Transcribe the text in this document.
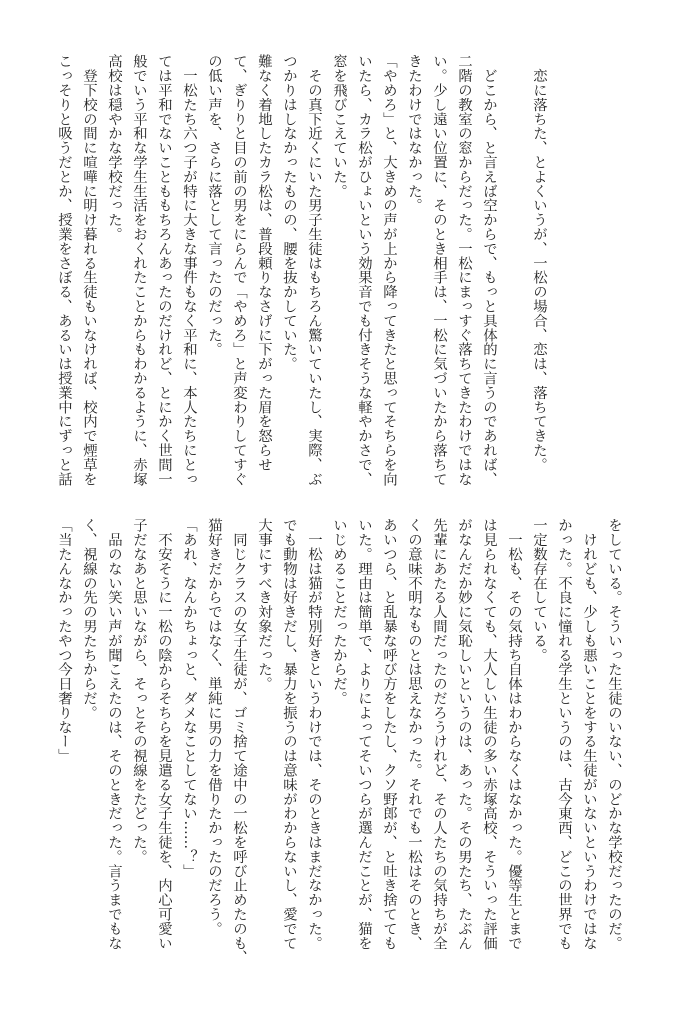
　恋に落ちた、とよくいうが、一松の場合、恋は、落ちてきた。
　どこから、と言えば空からで、もっと具体的に言うのであれば、
二階の教室の窓からだった。一松にまっすぐ落ちてきたわけではな
い。少し遠い位置に、そのとき相手は、一松に気づいたから落ちて
きたわけではなかった。
「やめろ」と、大きめの声が上から降ってきたと思ってそちらを向
いたら、カラ松がひょいという効果音でも付きそうな軽やかさで、
窓を飛びこえていた。
　その真下近くにいた男子生徒はもちろん驚いていたし、実際、ぶ
つかりはしなかったものの、腰を抜かしていた。
難なく着地したカラ松は、普段頼りなさげに下がった眉を怒らせ
て、ぎりりと目の前の男をにらんで「やめろ」と声変わりしてすぐ
の低い声を、さらに落として言ったのだった。
　一松たち六つ子が特に大きな事件もなく平和に、本人たちにとっ
ては平和でないことももちろんあったのだけれど、とにかく世間一
般でいう平和な学生生活をおくれたことからもわかるように、赤塚
高校は穏やかな学校だった。
　登下校の間に喧嘩に明け暮れる生徒もいなければ、校内で煙草を
こっそりと吸うだとか、授業をさぼる、あるいは授業中にずっと話
をしている。そういった生徒のいない、のどかな学校だったのだ。
　けれども、少しも悪いことをする生徒がいないというわけではな
かった。不良に憧れる学生というのは、古今東西、どこの世界でも
一定数存在している。
　一松も、その気持ち自体はわからなくはなかった。優等生とまで
は見られなくても、大人しい生徒の多い赤塚高校、そういった評価
がなんだか妙に気恥しいというのは、あった。その男たち、たぶん
先輩にあたる人間だったのだろうけれど、その人たちの気持ちが全
くの意味不明なものとは思えなかった。それでも一松はそのとき、
あいつら、と乱暴な呼び方をしたし、クソ野郎が、と吐き捨てても
いた。理由は簡単で、よりによってそいつらが選んだことが、猫を
いじめることだったからだ。
　一松は猫が特別好きというわけでは、そのときはまだなかった。
でも動物は好きだし、暴力を振うのは意味がわからないし、愛でて
大事にすべき対象だった。
　同じクラスの女子生徒が、ゴミ捨て途中の一松を呼び止めたのも、
猫好きだからではなく、単純に男の力を借りたかったのだろう。
「あれ、なんかちょっと、ダメなことしてない……？」
　不安そうに一松の陰からそちらを見遣る女子生徒を、内心可愛い
子だなあと思いながら、そっとその視線をたどった。
　品のない笑い声が聞こえたのは、そのときだった。言うまでもな
く、視線の先の男たちからだ。
「当たんなかったやつ今日奢りなー」
